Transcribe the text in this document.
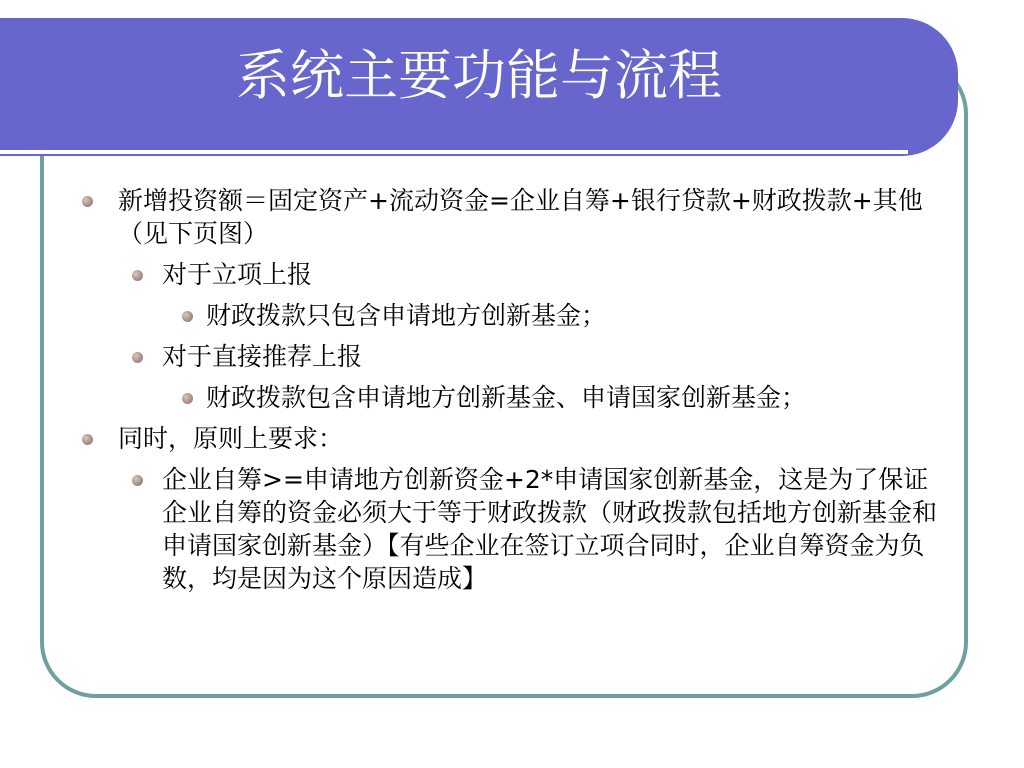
系统主要功能与流程
新增投资额＝固定资产+流动资金=企业自筹+银行贷款+财政拨款+其他 （见下页图）
对于立项上报
财政拨款只包含申请地方创新基金；
对于直接推荐上报
财政拨款包含申请地方创新基金、申请国家创新基金；
同时，原则上要求：
企业自筹>=申请地方创新资金+2*申请国家创新基金，这是为了保证企业自筹的资金必须大于等于财政拨款（财政拨款包括地方创新基金和申请国家创新基金）【有些企业在签订立项合同时，企业自筹资金为负数，均是因为这个原因造成】
